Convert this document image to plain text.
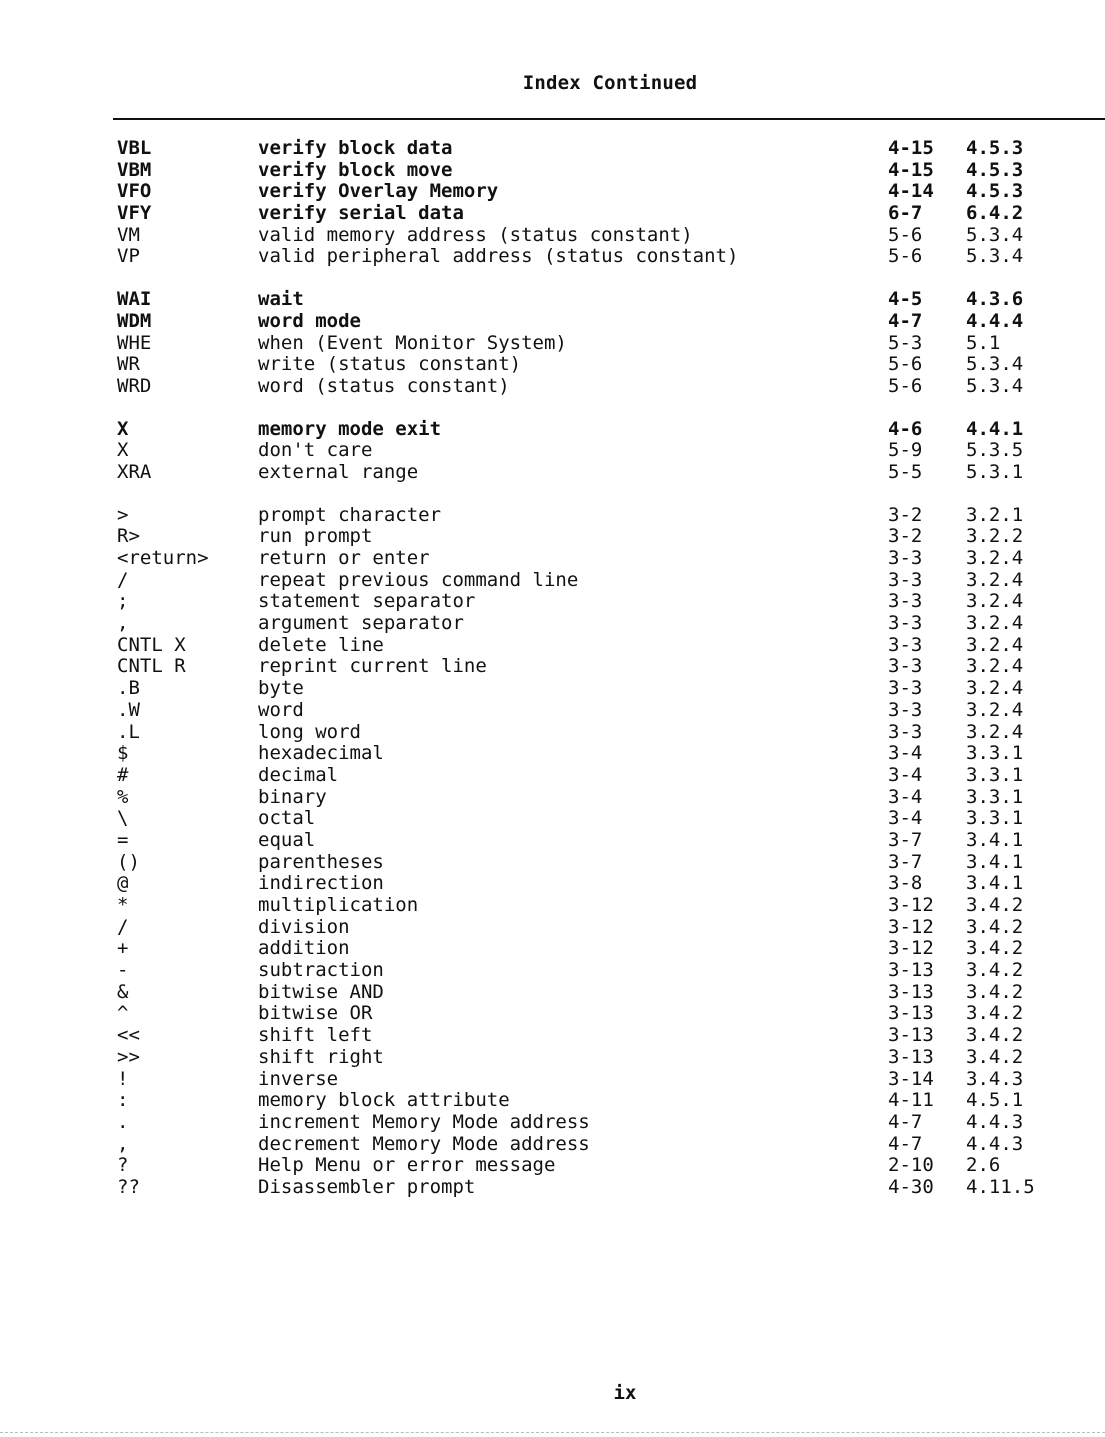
Index Continued
VBL	verify block data	4-15 4.5.3
VBM	verify block move	4-15 4.5.3
VFO	verify Overlay Memory	4-14 4.5.3
VFY	verify serial data	6-7 6.4.2
VM	valid memory address (status constant)	5-6 5.3.4
VP	valid peripheral address (status constant)	5-6 5.3.4
WAI	wait	4-5 4.3.6
WDM	word mode	4-7 4.4.4
WHE	when (Event Monitor System)	5-3 5.1
WR	write (status constant)	5-6 5.3.4
WRD	word (status constant)	5-6 5.3.4
X	memory mode exit	4-6 4.4.1
X	don't care	5-9 5.3.5
XRA	external range	5-5 5.3.1
>	prompt character	3-2 3.2.1
R>	run prompt	3-2 3.2.2
<return>	return or enter	3-3 3.2.4
/	repeat previous command line	3-3 3.2.4
;	statement separator	3-3 3.2.4
,	argument separator	3-3 3.2.4
CNTL X	delete line	3-3 3.2.4
CNTL R	reprint current line	3-3 3.2.4
.B	byte	3-3 3.2.4
.W	word	3-3 3.2.4
.L	long word	3-3 3.2.4
$	hexadecimal	3-4 3.3.1
#	decimal	3-4 3.3.1
%	binary	3-4 3.3.1
\	octal	3-4 3.3.1
=	equal	3-7 3.4.1
()	parentheses	3-7 3.4.1
@	indirection	3-8 3.4.1
*	multiplication	3-12 3.4.2
/	division	3-12 3.4.2
+	addition	3-12 3.4.2
-	subtraction	3-13 3.4.2
&	bitwise AND	3-13 3.4.2
^	bitwise OR	3-13 3.4.2
<<	shift left	3-13 3.4.2
>>	shift right	3-13 3.4.2
!	inverse	3-14 3.4.3
:	memory block attribute	4-11 4.5.1
.	increment Memory Mode address	4-7 4.4.3
,	decrement Memory Mode address	4-7 4.4.3
?	Help Menu or error message	2-10 2.6
??	Disassembler prompt	4-30 4.11.5
ix
